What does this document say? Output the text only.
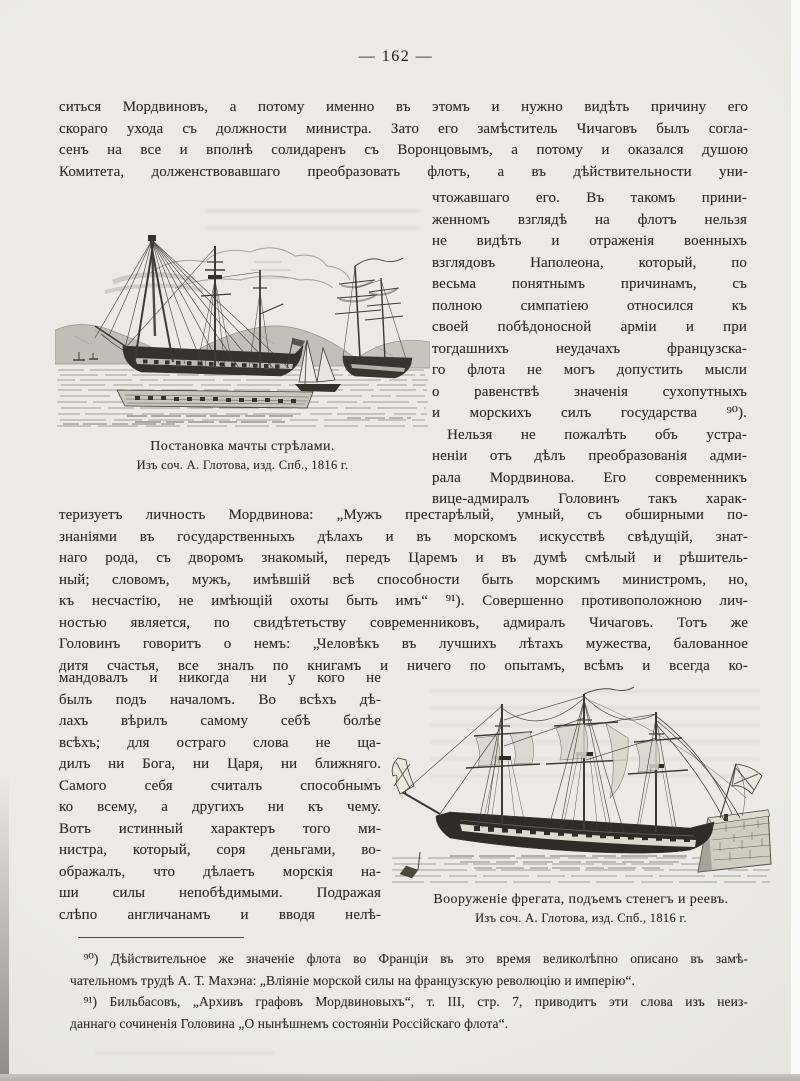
— 162 —
ситься Мордвиновъ, а потому именно въ этомъ и нужно видѣть причину его
скораго ухода съ должности министра. Зато его замѣститель Чичаговъ былъ согла-
сенъ на все и вполнѣ солидаренъ съ Воронцовымъ, а потому и оказался душою
Комитета, долженствовавшаго преобразовать флотъ, а въ дѣйствительности уни-
Постановка мачты стрѣлами.
Изъ соч. А. Глотова, изд. Спб., 1816 г.
чтожавшаго его. Въ такомъ прини-
женномъ взглядѣ на флотъ нельзя
не видѣть и отраженія военныхъ
взглядовъ Наполеона, который, по
весьма понятнымъ причинамъ, съ
полною симпатіею относился къ
своей побѣдоносной арміи и при
тогдашнихъ неудачахъ французска-
го флота не могъ допустить мысли
о равенствѣ значенія сухопутныхъ
и морскихъ силъ государства ⁹⁰).
 Нельзя не пожалѣть объ устра-
неніи отъ дѣлъ преобразованія адми-
рала Мордвинова. Его современникъ
вице-адмиралъ Головинъ такъ харак-
теризуетъ личность Мордвинова: „Мужъ престарѣлый, умный, съ обширными по-
знаніями въ государственныхъ дѣлахъ и въ морскомъ искусствѣ свѣдущій, знат-
наго рода, съ дворомъ знакомый, передъ Царемъ и въ думѣ смѣлый и рѣшитель-
ный; словомъ, мужъ, имѣвшій всѣ способности быть морскимъ министромъ, но,
къ несчастію, не имѣющій охоты быть имъ“ ⁹¹). Совершенно противоположною лич-
ностью является, по свидѣтетьству современниковъ, адмиралъ Чичаговъ. Тотъ же
Головинъ говоритъ о немъ: „Человѣкъ въ лучшихъ лѣтахъ мужества, балованное
дитя счастья, все зналъ по книгамъ и ничего по опытамъ, всѣмъ и всегда ко-
мандовалъ и никогда ни у кого не
былъ подъ началомъ. Во всѣхъ дѣ-
лахъ вѣрилъ самому себѣ болѣе
всѣхъ; для остраго слова не ща-
дилъ ни Бога, ни Царя, ни ближняго.
Самого себя считалъ способнымъ
ко всему, а другихъ ни къ чему.
Вотъ истинный характеръ того ми-
нистра, который, соря деньгами, во-
ображалъ, что дѣлаетъ морскія на-
ши силы непобѣдимыми. Подражая
слѣпо англичанамъ и вводя нелѣ-
Вооруженіе фрегата, подъемъ стенегъ и реевъ.
Изъ соч. А. Глотова, изд. Спб., 1816 г.
 ⁹⁰) Дѣйствительное же значеніе флота во Франціи въ это время великолѣпно описано въ замѣ-
чательномъ трудѣ А. Т. Махэна: „Вліяніе морской силы на французскую революцію и имперію“.
 ⁹¹) Бильбасовъ, „Архивъ графовъ Мордвиновыхъ“, т. III, стр. 7, приводитъ эти слова изъ неиз-
даннаго сочиненія Головина „О нынѣшнемъ состояніи Россійскаго флота“.
